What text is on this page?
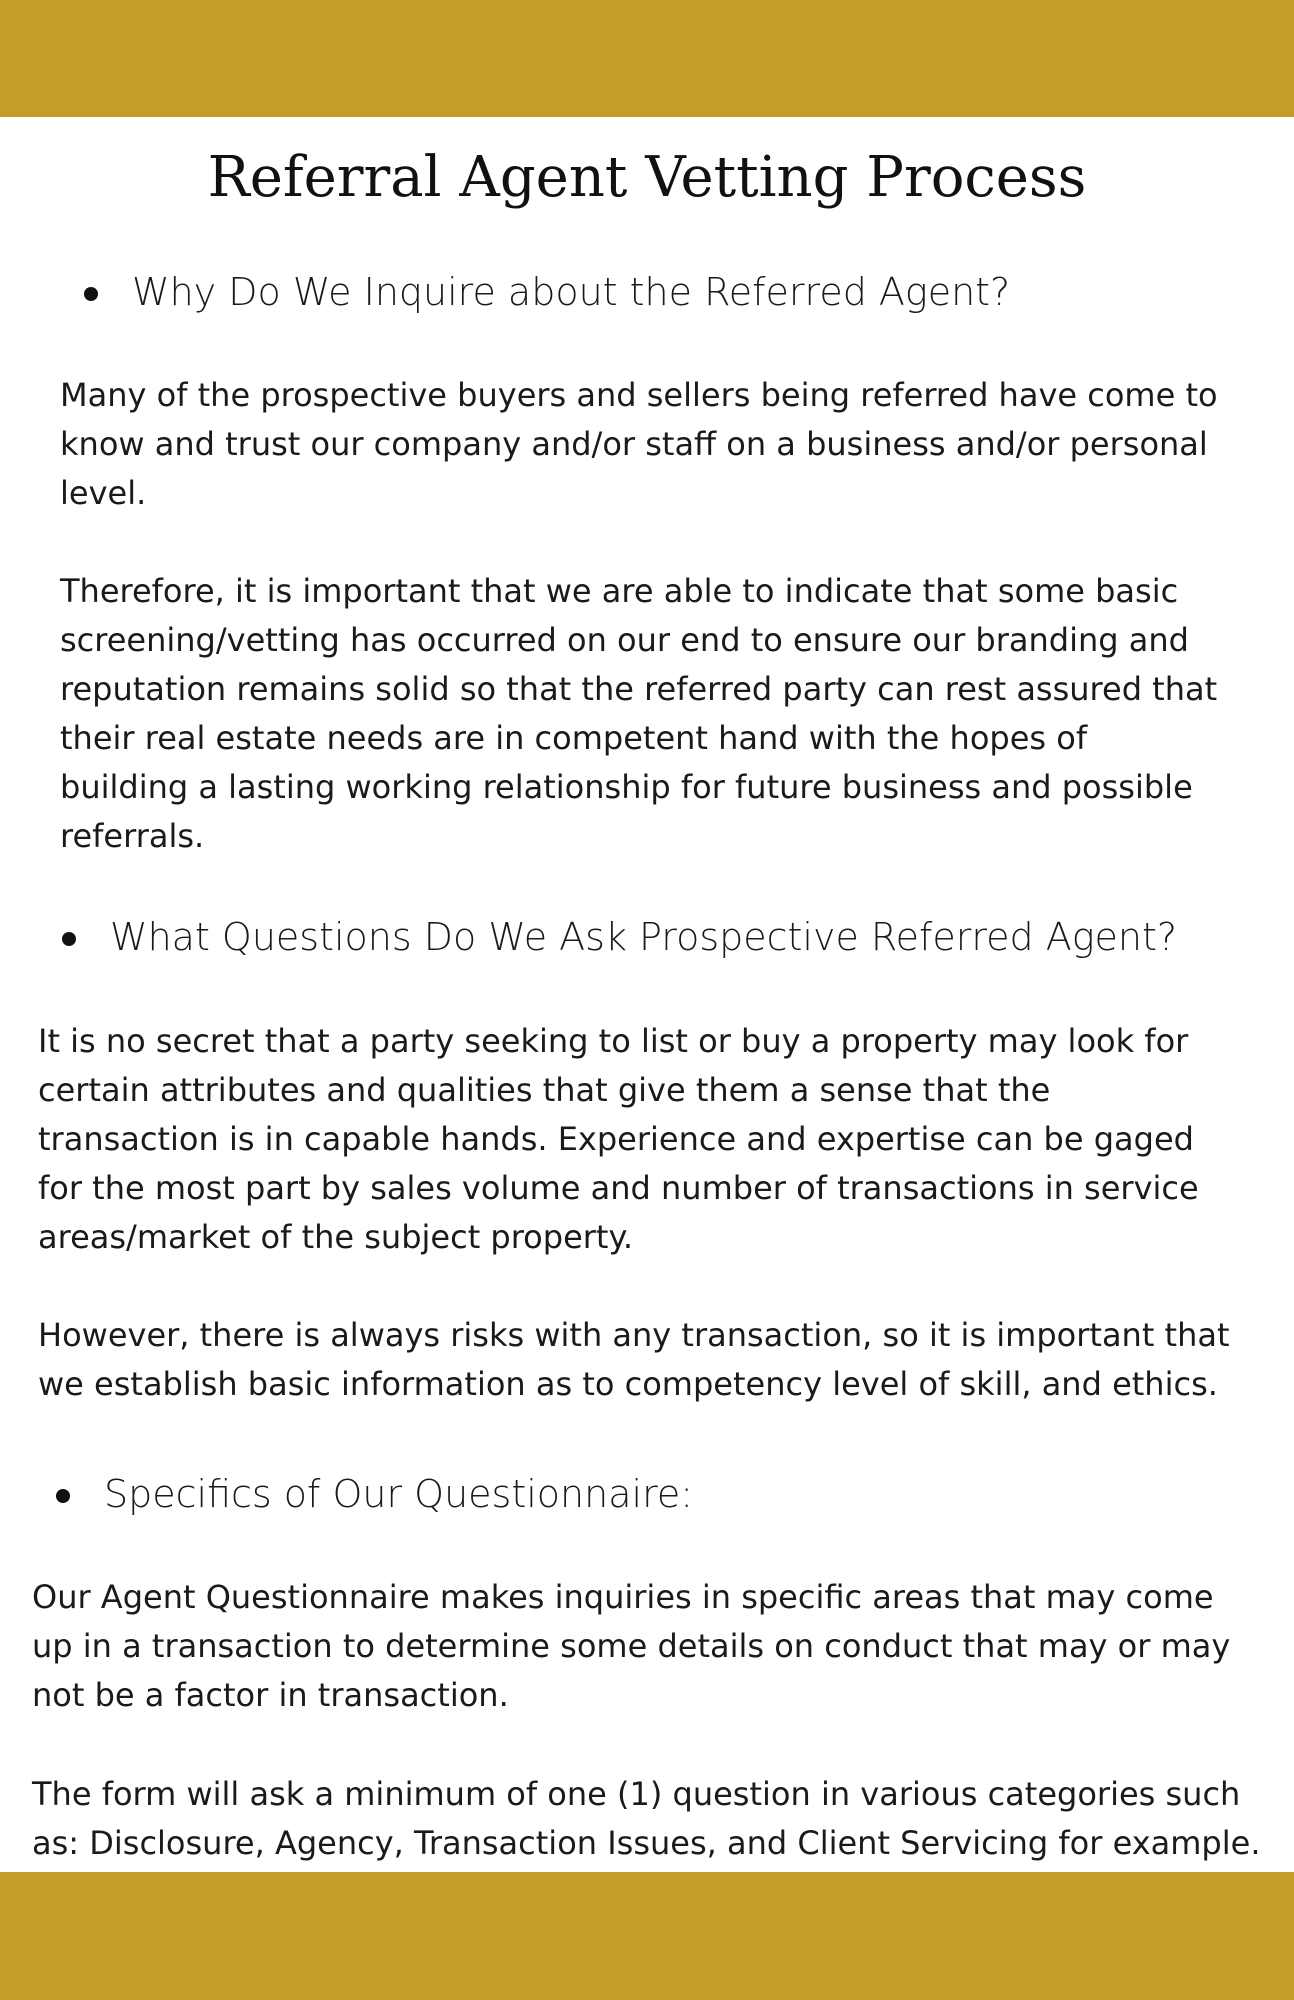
Referral Agent Vetting Process
Why Do We Inquire about the Referred Agent?
Many of the prospective buyers and sellers being referred have come to
know and trust our company and/or staff on a business and/or personal
level.
Therefore, it is important that we are able to indicate that some basic
screening/vetting has occurred on our end to ensure our branding and
reputation remains solid so that the referred party can rest assured that
their real estate needs are in competent hand with the hopes of
building a lasting working relationship for future business and possible
referrals.
What Questions Do We Ask Prospective Referred Agent?
It is no secret that a party seeking to list or buy a property may look for
certain attributes and qualities that give them a sense that the
transaction is in capable hands. Experience and expertise can be gaged
for the most part by sales volume and number of transactions in service
areas/market of the subject property.
However, there is always risks with any transaction, so it is important that
we establish basic information as to competency level of skill, and ethics.
Specifics of Our Questionnaire:
Our Agent Questionnaire makes inquiries in specific areas that may come
up in a transaction to determine some details on conduct that may or may
not be a factor in transaction.
The form will ask a minimum of one (1) question in various categories such
as: Disclosure, Agency, Transaction Issues, and Client Servicing for example.
